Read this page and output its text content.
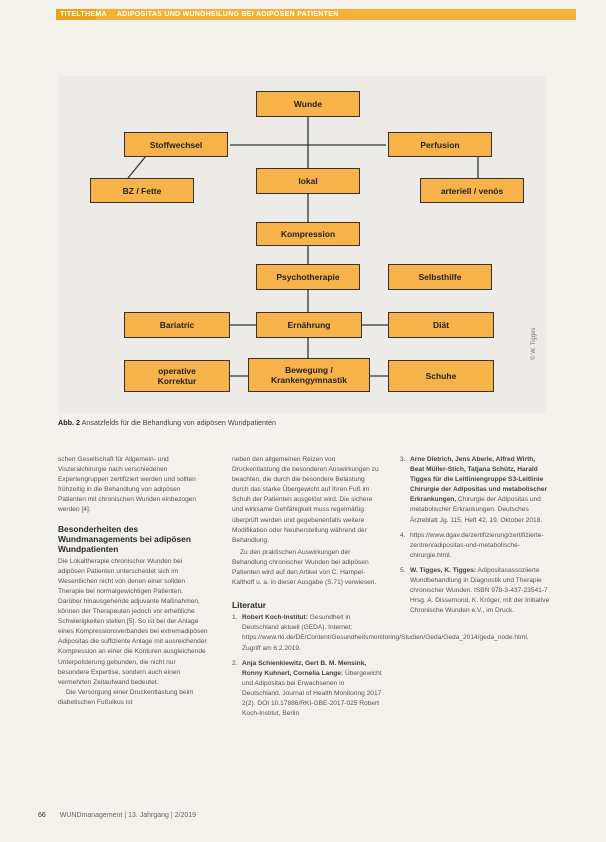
TITELTHEMA ADIPOSITAS UND WUNDHEILUNG BEI ADIPÖSEN PATIENTEN
Wunde
Stoffwechsel	Perfusion
lokal
BZ / Fette	arteriell / venös
Kompression
Psychotherapie	Selbsthilfe
Bariatric	Ernährung	Diät
operative Korrektur
Bewegung / Krankengymnastik	Schuhe
© W. Tigges
Abb. 2 Ansatzfelds für die Behandlung von adipösen Wundpatienten

schen Gesellschaft für Allgemein- und Viszeralchirurgie nach verschiedenen Expertengruppen zertifiziert werden und sollten frühzeitig in die Behandlung von adipösen Patienten mit chronischen Wunden einbezogen werden [4].

Besonderheiten des Wundmanagements bei adipösen Wundpatienten

Die Lokaltherapie chronischer Wunden bei adipösen Patienten unterscheidet sich im Wesentlichen nicht von denen einer soliden Therapie bei normalgewichtigen Patienten. Darüber hinausgehende adjuvante Maßnahmen, können der Therapeuten jedoch vor erhebliche Schwierigkeiten stellen [5]. So ist bei der Anlage eines Kompressionsverbandes bei extremadipösen Adipositas die suffiziente Anlage mit ausreichender Kompression an einer die Konturen ausgleichende Unterpolsterung gebunden, die nicht nur besondere Expertise, sondern auch einen vermehrten Zeitaufwand bedeutet.

Die Versorgung einer Druckentlastung beim diabetischen Fußulkus ist

neben den allgemeinen Reizen von Druckentlastung die besonderen Auswirkungen zu beachten, die durch die besondere Belastung durch das starke Übergewicht auf Ihren Fuß im Schuh der Patienten ausgelöst wird. Die sichere und wirksame Gehfähigkeit muss regelmäßig überprüft werden und gegebenenfalls weitere Modifikation oder Neuherstellung während der Behandlung.

Zu den praktischen Auswirkungen der Behandlung chronischer Wunden bei adipösen Patienten wird auf den Artikel von C. Hampel-Kalthoff u. a. in dieser Ausgabe (S.71) verwiesen.

Literatur
1. Robert Koch-Institut: Gesundheit in Deutschland aktuell (GEDA). Internet: https://www.rki.de/DE/Content/Gesundheitsmonitoring/Studien/Geda/Geda_2014/geda_node.html. Zugriff am 6.2.2019.
2. Anja Schienkiewitz, Gert B. M. Mensink, Ronny Kuhnert, Cornelia Lange: Übergewicht und Adipositas bei Erwachsenen in Deutschland. Journal of Health Monitoring 2017 2(2). DOI 10.17886/RKI-GBE-2017-025 Robert Koch-Institut, Berlin
3. Arne Dietrich, Jens Aberle, Alfred Wirth, Beat Müller-Stich, Tatjana Schütz, Harald Tigges für die Leitliniengruppe S3-Leitlinie Chirurgie der Adipositas und metabolischer Erkrankungen, Chirurgie der Adipositas und metabolischer Erkrankungen. Deutsches Ärzteblatt Jg. 115, Heft 42, 19. Oktober 2018.
4. https://www.dgav.de/zertifizierung/zertifizierte-zentren/adipositas-und-metabolische-chirurgie.html.
5. W. Tigges, K. Tigges: Adipositasassoziierte Wundbehandlung in Diagnostik und Therapie chronischer Wunden. ISBN 978-3-437-23541-7 Hrsg. A. Dissemond, K. Kröger, mit der Initiative Chronische Wunden e.V., im Druck.
66 WUNDmanagement | 13. Jahrgang | 2/2019
